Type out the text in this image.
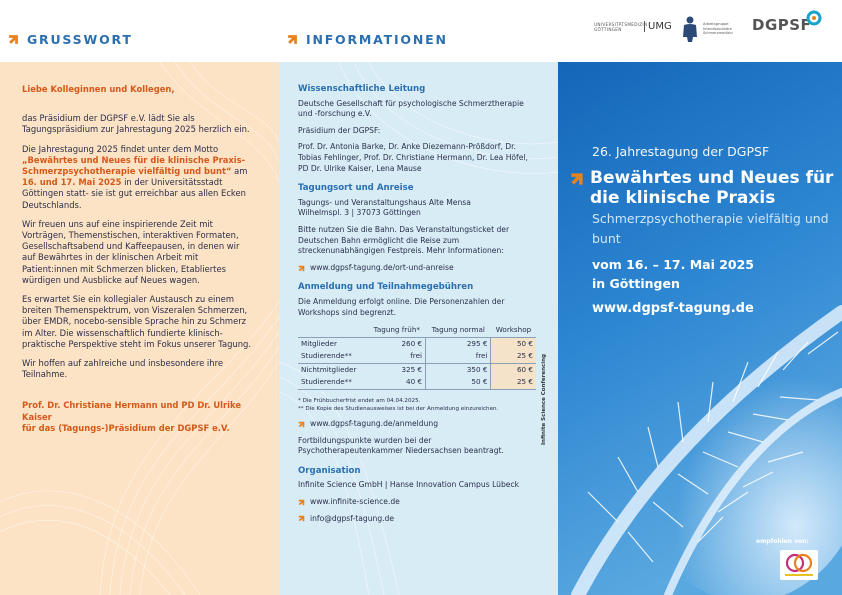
GRUSSWORT

Liebe Kolleginnen und Kollegen,

das Präsidium der DGPSF e.V. lädt Sie als Tagungspräsidium zur Jahrestagung 2025 herzlich ein.

Die Jahrestagung 2025 findet unter dem Motto „Bewährtes und Neues für die klinische Praxis- Schmerzpsychotherapie vielfältig und bunt“ am 16. und 17. Mai 2025 in der Universitätsstadt Göttingen statt- sie ist gut erreichbar aus allen Ecken Deutschlands.

Wir freuen uns auf eine inspirierende Zeit mit Vorträgen, Themenstischen, interaktiven Formaten, Gesellschaftsabend und Kaffeepausen, in denen wir auf Bewährtes in der klinischen Arbeit mit Patient:innen mit Schmerzen blicken, Etabliertes würdigen und Ausblicke auf Neues wagen.

Es erwartet Sie ein kollegialer Austausch zu einem breiten Themenspektrum, von Viszeralen Schmerzen, über EMDR, nocebo-sensible Sprache hin zu Schmerz im Alter. Die wissenschaftlich fundierte klinisch-praktische Perspektive steht im Fokus unserer Tagung.

Wir hoffen auf zahlreiche und insbesondere ihre Teilnahme.

Prof. Dr. Christiane Hermann und PD Dr. Ulrike Kaiser
für das (Tagungs-)Präsidium der DGPSF e.V.

INFORMATIONEN
Wissenschaftliche Leitung

Deutsche Gesellschaft für psychologische Schmerztherapie und -forschung e.V.

Präsidium der DGPSF:

Prof. Dr. Antonia Barke, Dr. Anke Diezemann-Prößdorf, Dr. Tobias Fehlinger, Prof. Dr. Christiane Hermann, Dr. Lea Höfel, PD Dr. Ulrike Kaiser, Lena Mause

Tagungsort und Anreise

Tagungs- und Veranstaltungshaus Alte Mensa
Wilhelmspl. 3 | 37073 Göttingen

Bitte nutzen Sie die Bahn. Das Veranstaltungsticket der Deutschen Bahn ermöglicht die Reise zum streckenunabhängigen Festpreis. Mehr Informationen:

www.dgpsf-tagung.de/ort-und-anreise
Anmeldung und Teilnahmegebühren

Die Anmeldung erfolgt online. Die Personenzahlen der Workshops sind begrenzt.

	Tagung früh*	Tagung normal	Workshop
Mitglieder	260 €	295 €	50 €
Studierende**	frei	frei	25 €
Nichtmitglieder	325 €	350 €	60 €
Studierende**	40 €	50 €	25 €

* Die Frühbucherfrist endet am 04.04.2025.
** Die Kopie des Studienausweises ist bei der Anmeldung einzureichen.

www.dgpsf-tagung.de/anmeldung

Fortbildungspunkte wurden bei der Psychotherapeutenkammer Niedersachsen beantragt.

Organisation

Infinite Science GmbH | Hanse Innovation Campus Lübeck

www.infinite-science.de
info@dgpsf-tagung.de
Infinite Science Conferencing
UNIVERSITÄTSMEDIZIN GÖTTINGEN	UMG	Arbeitsgruppe Interdisziplinäre Schmerzmedizin	DGPSF
26. Jahrestagung der DGPSF
Bewährtes und Neues für die klinische Praxis
Schmerzpsychotherapie vielfältig und bunt
vom 16. – 17. Mai 2025
in Göttingen
www.dgpsf-tagung.de
empfohlen von:
